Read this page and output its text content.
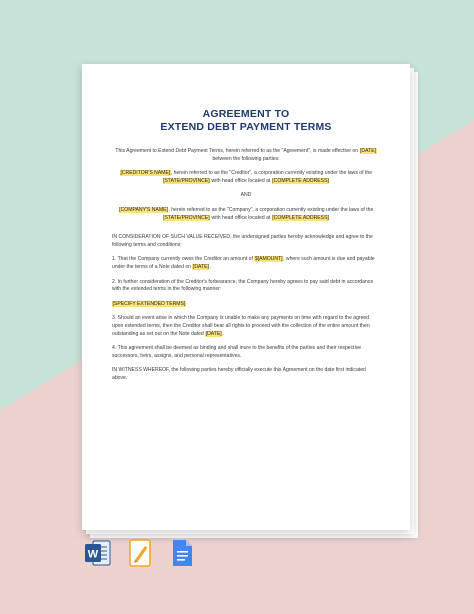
AGREEMENT TO
EXTEND DEBT PAYMENT TERMS

This Agreement to Extend Debt Payment Terms, herein referred to as the "Agreement", is made effective on [DATE] between the following parties:

[CREDITOR'S NAME], herein referred to as the "Creditor", a corporation currently existing under the laws of the [STATE/PROVINCE] with head office located at [COMPLETE ADDRESS]

AND

[COMPANY'S NAME], herein referred to as the "Company", a corporation currently existing under the laws of the [STATE/PROVINCE] with head office located at [COMPLETE ADDRESS]

IN CONSIDERATION OF SUCH VALUE RECEIVED, the undersigned parties hereby acknowledge and agree to the following terms and conditions:

1. That the Company currently owes the Creditor an amount of $[AMOUNT], where such amount is due and payable under the terms of a Note dated on [DATE].

2. In further consideration of the Creditor's forbearance, the Company hereby agrees to pay said debt in accordance with the extended terms in the following manner:

[SPECIFY EXTENDED TERMS]

3. Should an event arise in which the Company is unable to make any payments on time with regard to the agreed upon extended terms, then the Creditor shall bear all rights to proceed with the collection of the entire amount then outstanding as set out on the Note dated [DATE].

4. This agreement shall be deemed as binding and shall inure to the benefits of the parties and their respective successors, heirs, assigns, and personal representatives.

IN WITNESS WHEREOF, the following parties hereby officially execute this Agreement on the date first indicated above.

W
